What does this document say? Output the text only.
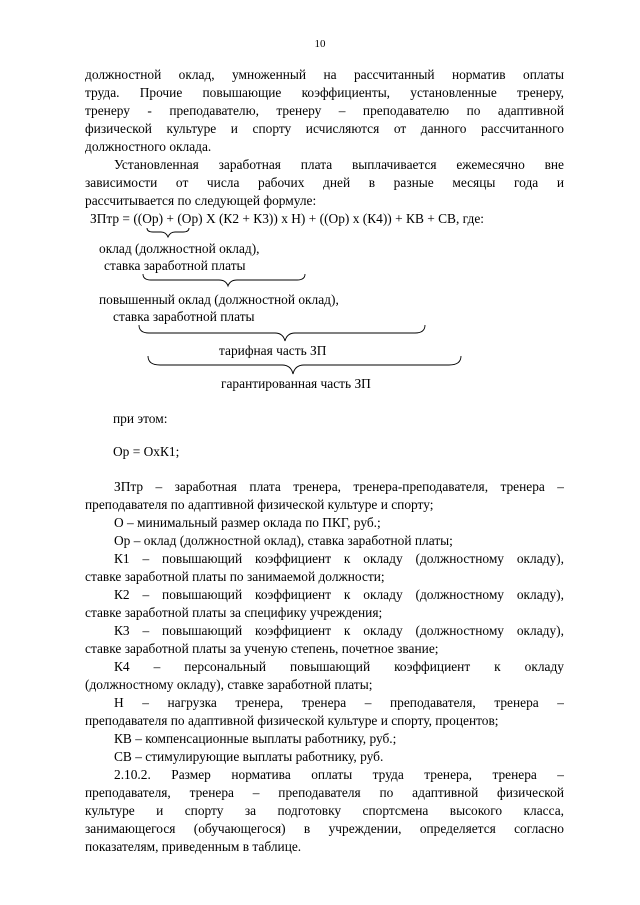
10
должностной оклад, умноженный на рассчитанный норматив оплаты
труда. Прочие повышающие коэффициенты, установленные тренеру,
тренеру - преподавателю, тренеру – преподавателю по адаптивной
физической культуре и спорту исчисляются от данного рассчитанного
должностного оклада.
Установленная заработная плата выплачивается ежемесячно вне
зависимости от числа рабочих дней в разные месяцы года и
рассчитывается по следующей формуле:
ЗПтр = ((Ор) + (Ор) Х (К2 + К3)) х Н) + ((Ор) х (К4)) + КВ + СВ, где:
оклад (должностной оклад),
ставка заработной платы
повышенный оклад (должностной оклад),
ставка заработной платы
тарифная часть ЗП
гарантированная часть ЗП
при этом:
Ор = ОхК1;
ЗПтр – заработная плата тренера, тренера-преподавателя, тренера –
преподавателя по адаптивной физической культуре и спорту;
О – минимальный размер оклада по ПКГ, руб.;
Ор – оклад (должностной оклад), ставка заработной платы;
К1 – повышающий коэффициент к окладу (должностному окладу),
ставке заработной платы по занимаемой должности;
К2 – повышающий коэффициент к окладу (должностному окладу),
ставке заработной платы за специфику учреждения;
К3 – повышающий коэффициент к окладу (должностному окладу),
ставке заработной платы за ученую степень, почетное звание;
К4 – персональный повышающий коэффициент к окладу
(должностному окладу), ставке заработной платы;
Н – нагрузка тренера, тренера – преподавателя, тренера –
преподавателя по адаптивной физической культуре и спорту, процентов;
КВ – компенсационные выплаты работнику, руб.;
СВ – стимулирующие выплаты работнику, руб.
2.10.2. Размер норматива оплаты труда тренера, тренера –
преподавателя, тренера – преподавателя по адаптивной физической
культуре и спорту за подготовку спортсмена высокого класса,
занимающегося (обучающегося) в учреждении, определяется согласно
показателям, приведенным в таблице.
